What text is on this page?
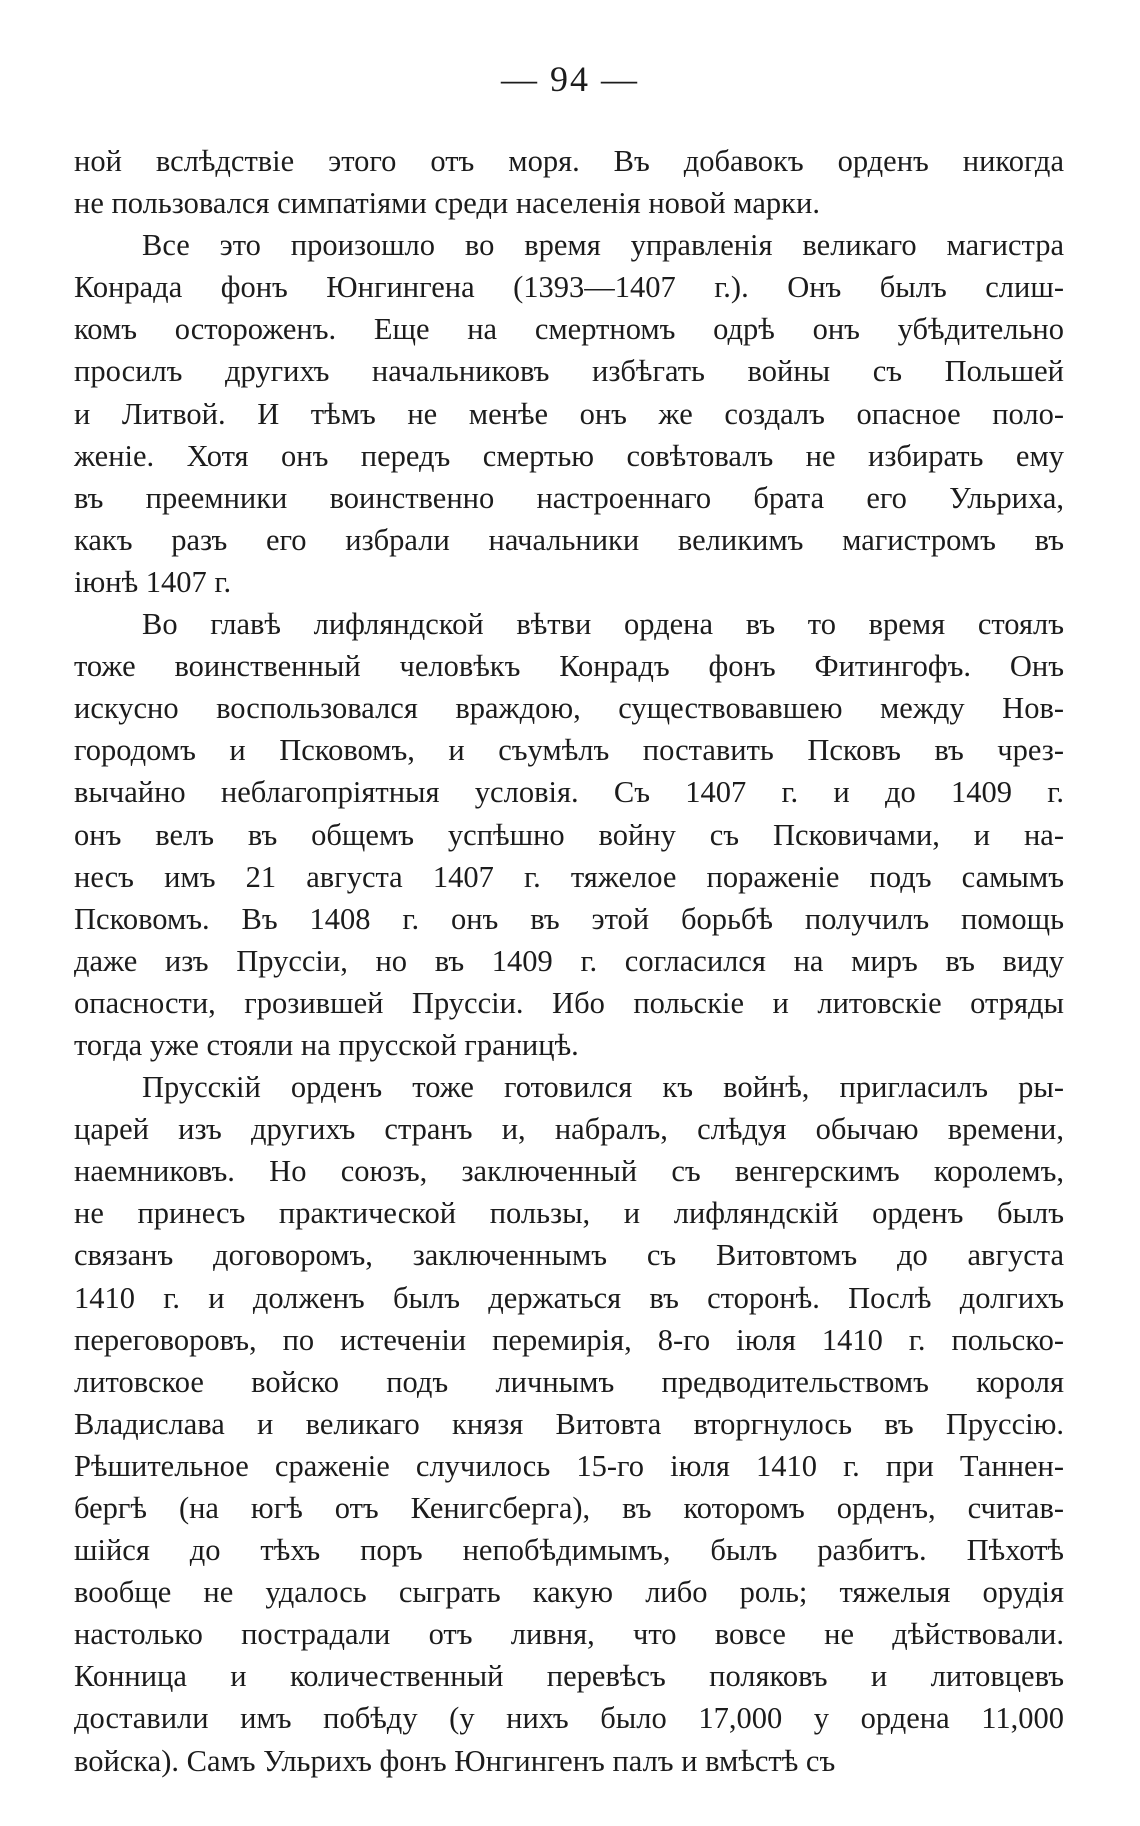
— 94 —
ной вслѣдствіе этого отъ моря. Въ добавокъ орденъ никогда
не пользовался симпатіями среди населенія новой марки.
Все это произошло во время управленія великаго магистра
Конрада фонъ Юнгингена (1393—1407 г.). Онъ былъ слиш-
комъ остороженъ. Еще на смертномъ одрѣ онъ убѣдительно
просилъ другихъ начальниковъ избѣгать войны съ Польшей
и Литвой. И тѣмъ не менѣе онъ же создалъ опасное поло-
женіе. Хотя онъ передъ смертью совѣтовалъ не избирать ему
въ преемники воинственно настроеннаго брата его Ульриха,
какъ разъ его избрали начальники великимъ магистромъ въ
іюнѣ 1407 г.
Во главѣ лифляндской вѣтви ордена въ то время стоялъ
тоже воинственный человѣкъ Конрадъ фонъ Фитингофъ. Онъ
искусно воспользовался враждою, существовавшею между Нов-
городомъ и Псковомъ, и съумѣлъ поставить Псковъ въ чрез-
вычайно неблагопріятныя условія. Съ 1407 г. и до 1409 г.
онъ велъ въ общемъ успѣшно войну съ Псковичами, и на-
несъ имъ 21 августа 1407 г. тяжелое пораженіе подъ самымъ
Псковомъ. Въ 1408 г. онъ въ этой борьбѣ получилъ помощь
даже изъ Пруссіи, но въ 1409 г. согласился на миръ въ виду
опасности, грозившей Пруссіи. Ибо польскіе и литовскіе отряды
тогда уже стояли на прусской границѣ.
Прусскій орденъ тоже готовился къ войнѣ, пригласилъ ры-
царей изъ другихъ странъ и, набралъ, слѣдуя обычаю времени,
наемниковъ. Но союзъ, заключенный съ венгерскимъ королемъ,
не принесъ практической пользы, и лифляндскій орденъ былъ
связанъ договоромъ, заключеннымъ съ Витовтомъ до августа
1410 г. и долженъ былъ держаться въ сторонѣ. Послѣ долгихъ
переговоровъ, по истеченіи перемирія, 8-го іюля 1410 г. польско-
литовское войско подъ личнымъ предводительствомъ короля
Владислава и великаго князя Витовта вторгнулось въ Пруссію.
Рѣшительное сраженіе случилось 15-го іюля 1410 г. при Таннен-
бергѣ (на югѣ отъ Кенигсберга), въ которомъ орденъ, считав-
шійся до тѣхъ поръ непобѣдимымъ, былъ разбитъ. Пѣхотѣ
вообще не удалось сыграть какую либо роль; тяжелыя орудія
настолько пострадали отъ ливня, что вовсе не дѣйствовали.
Конница и количественный перевѣсъ поляковъ и литовцевъ
доставили имъ побѣду (у нихъ было 17,000 у ордена 11,000
войска). Самъ Ульрихъ фонъ Юнгингенъ палъ и вмѣстѣ съ
